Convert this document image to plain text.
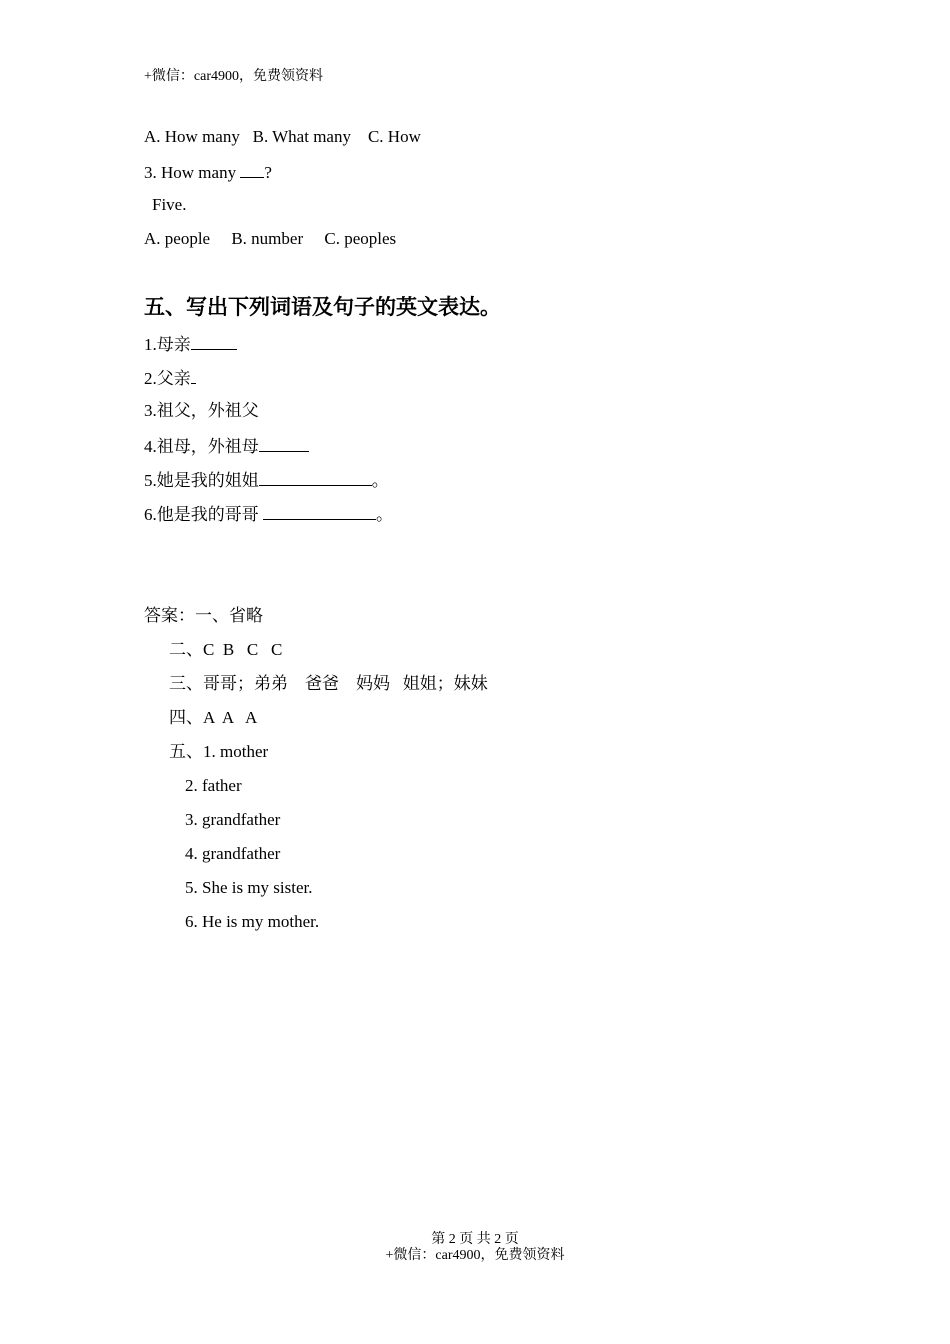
+微信：car4900，免费领资料
A. How many   B. What many    C. How
3. How many ?
Five.
A. people     B. number     C. peoples
五、写出下列词语及句子的英文表达。
1.母亲
2.父亲
3.祖父，外祖父
4.祖母，外祖母
5.她是我的姐姐	。
6.他是我的哥哥	。
答案：一、省略
二、C  B   C   C
三、哥哥；弟弟    爸爸    妈妈   姐姐；妹妹
四、A  A   A
五、1. mother
2. father
3. grandfather
4. grandfather
5. She is my sister.
6. He is my mother.
第 2 页 共 2 页
+微信：car4900，免费领资料
